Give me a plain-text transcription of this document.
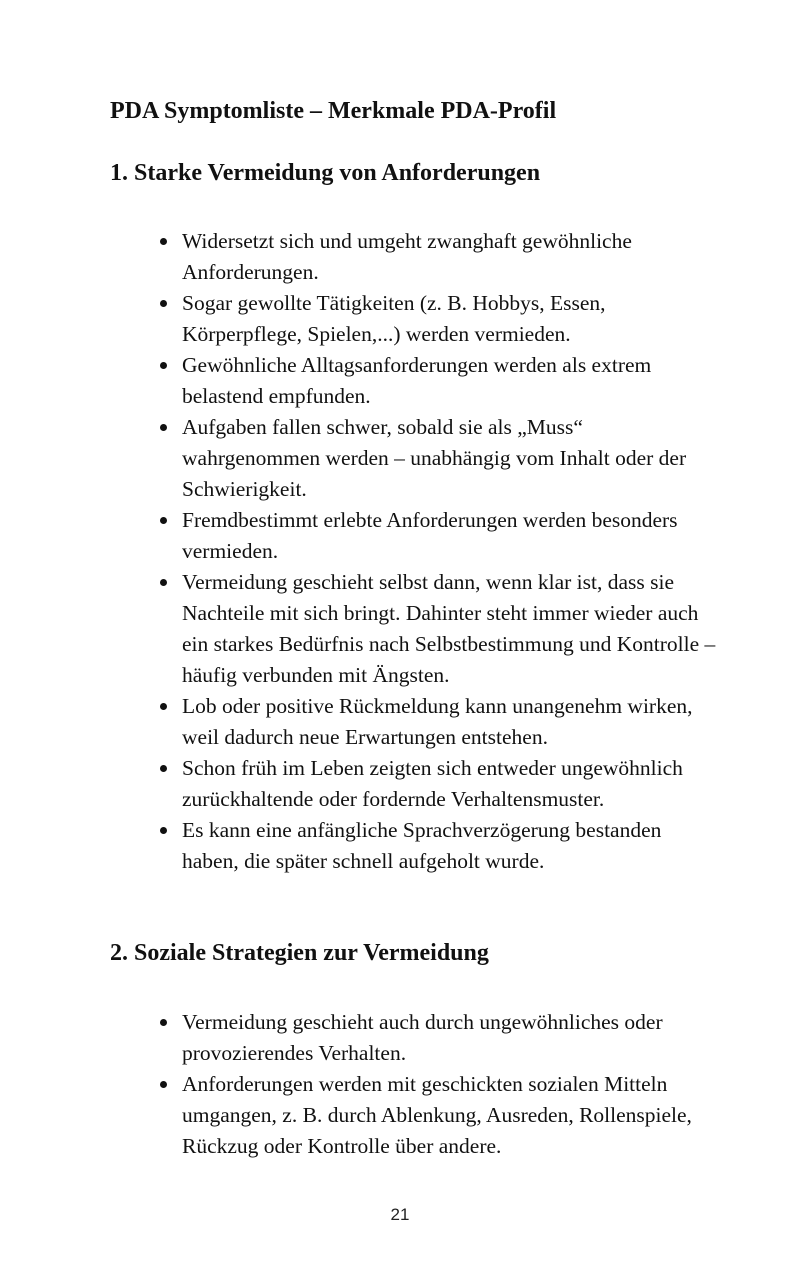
PDA Symptomliste – Merkmale PDA-Profil
1. Starke Vermeidung von Anforderungen
Widersetzt sich und umgeht zwanghaft gewöhnliche Anforderungen.
Sogar gewollte Tätigkeiten (z. B. Hobbys, Essen, Körperpflege, Spielen,...) werden vermieden.
Gewöhnliche Alltagsanforderungen werden als extrem belastend empfunden.
Aufgaben fallen schwer, sobald sie als „Muss“ wahrgenommen werden – unabhängig vom Inhalt oder der Schwierigkeit.
Fremdbestimmt erlebte Anforderungen werden besonders vermieden.
Vermeidung geschieht selbst dann, wenn klar ist, dass sie Nachteile mit sich bringt. Dahinter steht immer wieder auch ein starkes Bedürfnis nach Selbstbestimmung und Kontrolle – häufig verbunden mit Ängsten.
Lob oder positive Rückmeldung kann unangenehm wirken, weil dadurch neue Erwartungen entstehen.
Schon früh im Leben zeigten sich entweder ungewöhnlich zurückhaltende oder fordernde Verhaltensmuster.
Es kann eine anfängliche Sprachverzögerung bestanden haben, die später schnell aufgeholt wurde.
2. Soziale Strategien zur Vermeidung
Vermeidung geschieht auch durch ungewöhnliches oder provozierendes Verhalten.
Anforderungen werden mit geschickten sozialen Mitteln umgangen, z. B. durch Ablenkung, Ausreden, Rollenspiele, Rückzug oder Kontrolle über andere.
21
